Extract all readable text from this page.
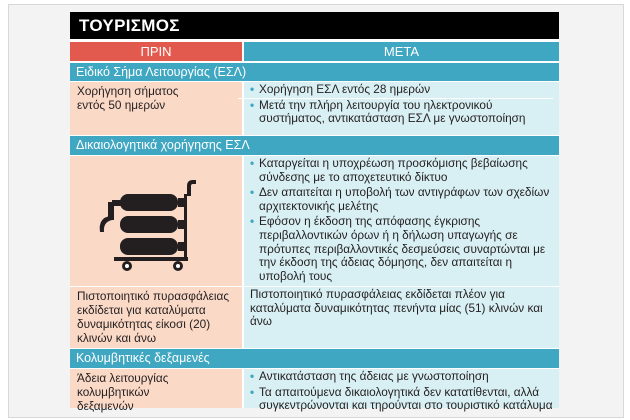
ΤΟΥΡΙΣΜΟΣ
ΠΡΙΝ	ΜΕΤΑ
Ειδικό Σήμα Λειτουργίας (ΕΣΛ)
Χορήγηση σήματος
εντός 50 ημερών
• Χορήγηση ΕΣΛ εντός 28 ημερών
• Μετά την πλήρη λειτουργία του ηλεκτρονικού συστήματος, αντικατάσταση ΕΣΛ με γνωστοποίηση
Δικαιολογητικά χορήγησης ΕΣΛ
• Καταργείται η υποχρέωση προσκόμισης βεβαίωσης σύνδεσης με το αποχετευτικό δίκτυο
• Δεν απαιτείται η υποβολή των αντιγράφων των σχεδίων αρχιτεκτονικής μελέτης
• Εφόσον η έκδοση της απόφασης έγκρισης περιβαλλοντικών όρων ή η δήλωση υπαγωγής σε πρότυπες περιβαλλοντικές δεσμεύσεις συναρτώνται με την έκδοση της άδειας δόμησης, δεν απαιτείται η υποβολή τους
Πιστοποιητικό πυρασφάλειας
εκδίδεται για καταλύματα
δυναμικότητας είκοσι (20)
κλινών και άνω
Πιστοποιητικό πυρασφάλειας εκδίδεται πλέον για καταλύματα δυναμικότητας πενήντα μίας (51) κλινών και άνω
Κολυμβητικές δεξαμενές
Άδεια λειτουργίας
κολυμβητικών
δεξαμενών
• Αντικατάσταση της άδειας με γνωστοποίηση
• Τα απαιτούμενα δικαιολογητικά δεν κατατίθενται, αλλά συγκεντρώνονται και τηρούνται στο τουριστικό κατάλυμα
